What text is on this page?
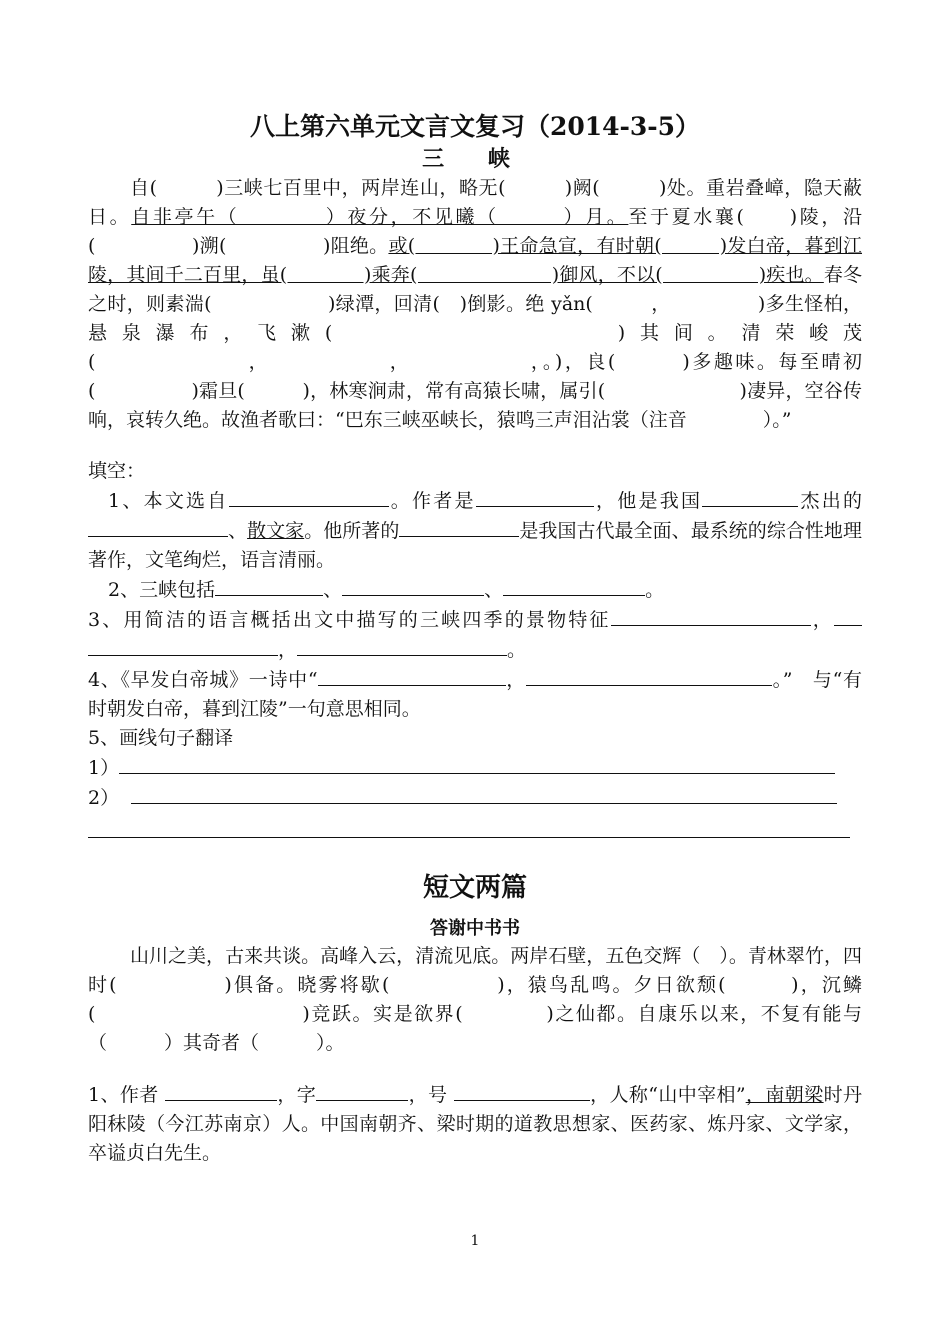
八上第六单元文言文复习（2014-3-5）

三 峡

自(　　　)三峡七百里中，两岸连山，略无(　　　)阙(　　　)处。重岩叠嶂，隐天蔽日。自非亭午（　　　　）夜分，不见曦（　　　）月。至于夏水襄(　　)陵，沿(　　　　　)溯(　　　　　)阻绝。或(　　　　)王命急宣，有时朝(　　　)发白帝，暮到江陵，其间千二百里，虽(　　　　)乘奔(　　　　　　　)御风，不以(　　　　　)疾也。春冬之时，则素湍(　　　　　　)绿潭，回清(　)倒影。绝 yǎn(　　　，　　　　　)多生怪柏，悬泉瀑布，飞漱(　　　　　　　　)其间。清荣峻茂(　　　　　　　，　　　　　　，　　　　　　，。)，良(　　　)多趣味。每至晴初(　　　　　)霜旦(　　　)，林寒涧肃，常有高猿长啸，属引(　　　　　　　)凄异，空谷传响，哀转久绝。故渔者歌曰：“巴东三峡巫峡长，猿鸣三声泪沾裳（注音　　　　）。”

填空：

1、本文选自	。作者是	，他是我国	杰出的 、散文家。他所著的	是我国古代最全面、最系统的综合性地理著作，文笔绚烂，语言清丽。

2、三峡包括	、	、	。

3、用简洁的语言概括出文中描写的三峡四季的景物特征	， ，	。

4、《早发白帝城》一诗中“	，	。”　 与“有时朝发白帝，暮到江陵”一句意思相同。

5、画线句子翻译

1）

2）

短文两篇

答谢中书书

山川之美，古来共谈。高峰入云，清流见底。两岸石壁，五色交辉（　）。青林翠竹，四时(　　　　　)俱备。晓雾将歇(　　　　　)，猿鸟乱鸣。夕日欲颓(　　　)，沉鳞(　　　　　　　　　　)竞跃。实是欲界(　　　　)之仙都。自康乐以来，不复有能与（　　　）其奇者（　　　）。

1、作者	，字	，号	，人称“山中宰相”，南朝梁时丹阳秣陵（今江苏南京）人。中国南朝齐、梁时期的道教思想家、医药家、炼丹家、文学家，卒谥贞白先生。

1
